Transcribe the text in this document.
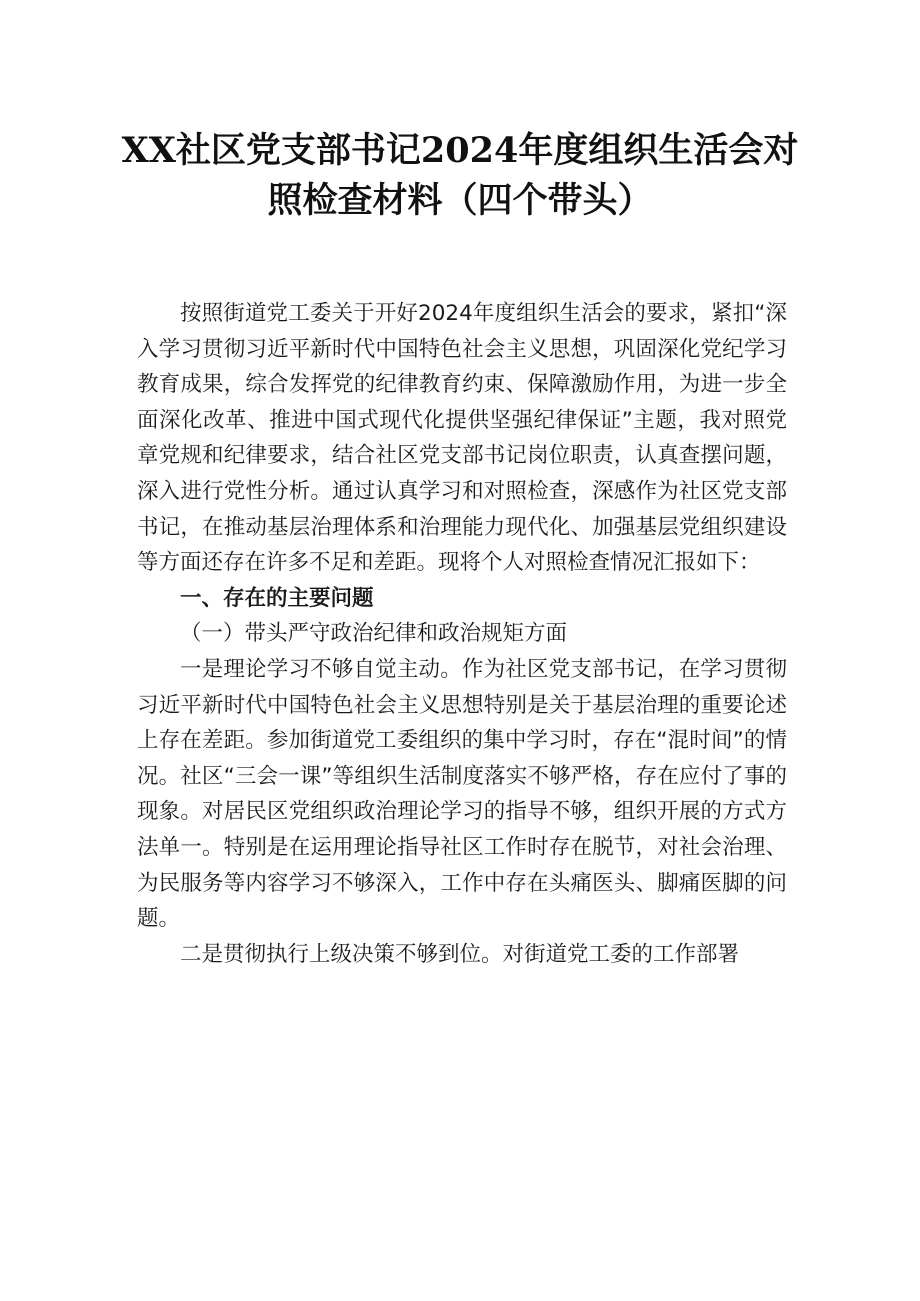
XX社区党支部书记2024年度组织生活会对
照检查材料（四个带头）

按照街道党工委关于开好2024年度组织生活会的要求，紧扣“深入学习贯彻习近平新时代中国特色社会主义思想，巩固深化党纪学习教育成果，综合发挥党的纪律教育约束、保障激励作用，为进一步全面深化改革、推进中国式现代化提供坚强纪律保证”主题，我对照党章党规和纪律要求，结合社区党支部书记岗位职责，认真查摆问题，深入进行党性分析。通过认真学习和对照检查，深感作为社区党支部书记，在推动基层治理体系和治理能力现代化、加强基层党组织建设等方面还存在许多不足和差距。现将个人对照检查情况汇报如下：

一、存在的主要问题

（一）带头严守政治纪律和政治规矩方面

一是理论学习不够自觉主动。作为社区党支部书记，在学习贯彻习近平新时代中国特色社会主义思想特别是关于基层治理的重要论述上存在差距。参加街道党工委组织的集中学习时，存在“混时间”的情况。社区“三会一课”等组织生活制度落实不够严格，存在应付了事的现象。对居民区党组织政治理论学习的指导不够，组织开展的方式方法单一。特别是在运用理论指导社区工作时存在脱节，对社会治理、为民服务等内容学习不够深入，工作中存在头痛医头、脚痛医脚的问题。

二是贯彻执行上级决策不够到位。对街道党工委的工作部署
